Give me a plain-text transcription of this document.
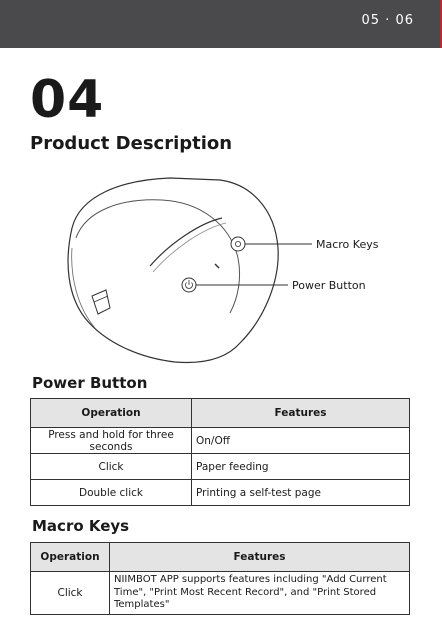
05 · 06
04
Product Description
Macro Keys
Power Button
Power Button
Operation	Features
Press and hold for three seconds	On/Off
Click	Paper feeding
Double click	Printing a self-test page
Macro Keys
Operation	Features
Click	NIIMBOT APP supports features including "Add Current Time", "Print Most Recent Record", and "Print Stored Templates"
